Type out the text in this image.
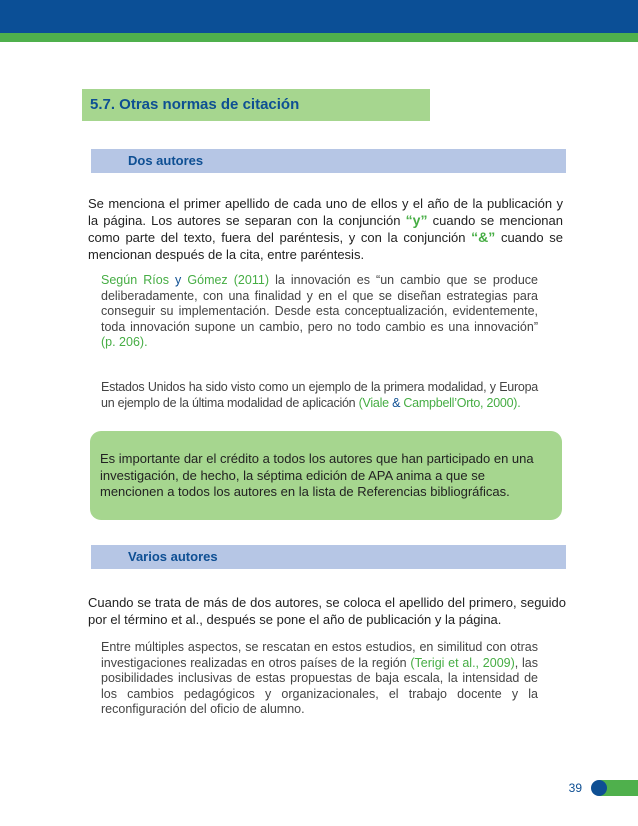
5.7. Otras normas de citación
Dos autores

Se menciona el primer apellido de cada uno de ellos y el año de la publicación y la página. Los autores se separan con la conjunción “y” cuando se mencionan como parte del texto, fuera del paréntesis, y con la conjunción “&” cuando se mencionan después de la cita, entre paréntesis.

Según Ríos y Gómez (2011) la innovación es “un cambio que se produce deliberadamente, con una finalidad y en el que se diseñan estrategias para conseguir su implementación. Desde esta conceptualización, evidentemente, toda innovación supone un cambio, pero no todo cambio es una innovación” (p. 206).

Estados Unidos ha sido visto como un ejemplo de la primera modalidad, y Europa un ejemplo de la última modalidad de aplicación (Viale & Campbell’Orto, 2000).

Es importante dar el crédito a todos los autores que han participado en una investigación, de hecho, la séptima edición de APA anima a que se mencionen a todos los autores en la lista de Referencias bibliográficas.
Varios autores

Cuando se trata de más de dos autores, se coloca el apellido del primero, seguido por el término et al., después se pone el año de publicación y la página.

Entre múltiples aspectos, se rescatan en estos estudios, en similitud con otras investigaciones realizadas en otros países de la región (Terigi et al., 2009), las posibilidades inclusivas de estas propuestas de baja escala, la intensidad de los cambios pedagógicos y organizacionales, el trabajo docente y la reconfiguración del oficio de alumno.

39
